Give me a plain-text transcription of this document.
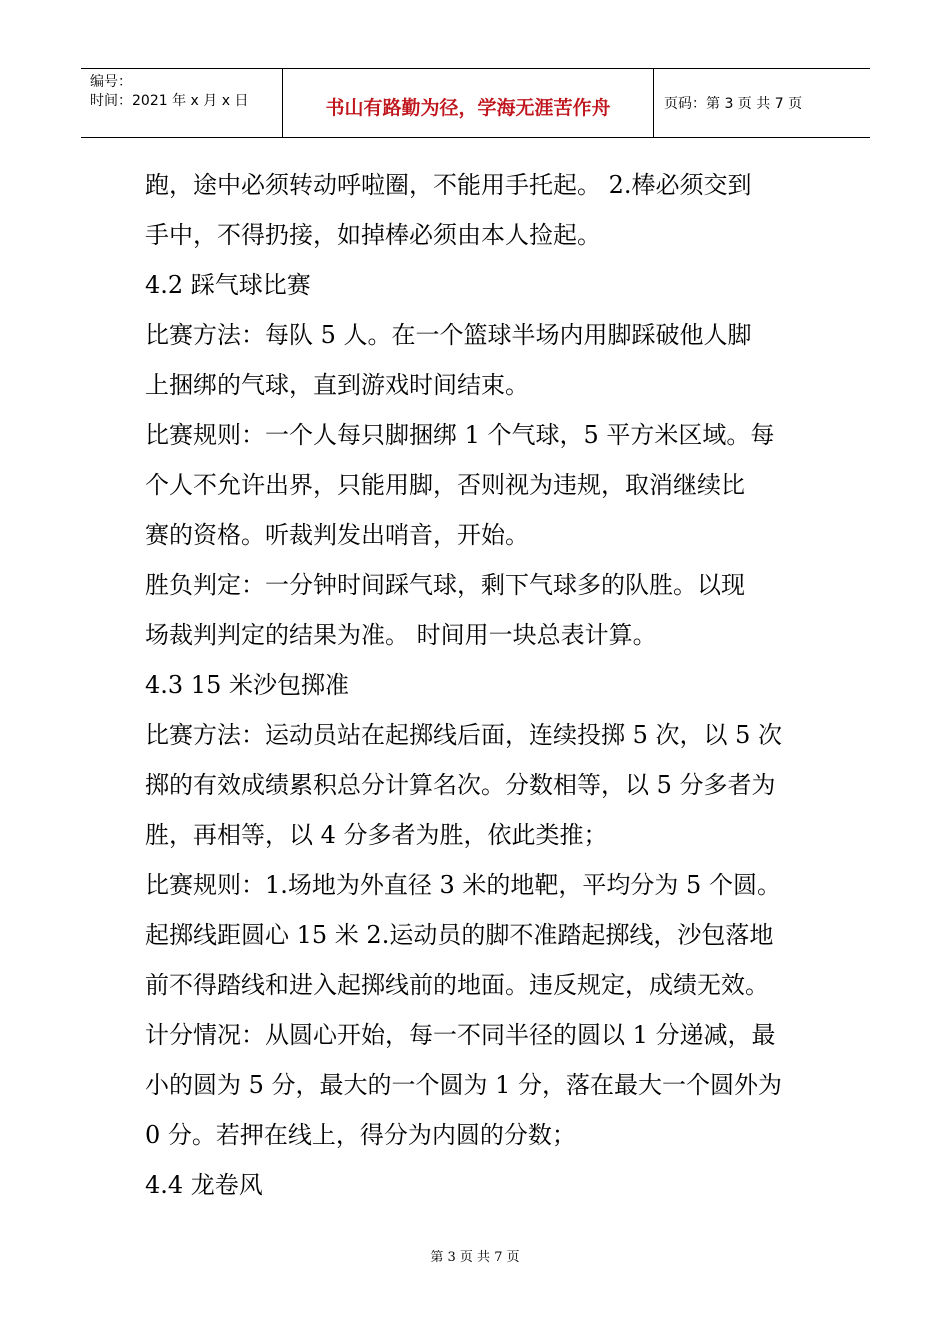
编号：
时间：2021 年 x 月 x 日	书山有路勤为径，学海无涯苦作舟	页码：第 3 页 共 7 页
跑，途中必须转动呼啦圈，不能用手托起。 2.棒必须交到
手中，不得扔接，如掉棒必须由本人捡起。
4.2 踩气球比赛
比赛方法：每队 5 人。在一个篮球半场内用脚踩破他人脚
上捆绑的气球，直到游戏时间结束。
比赛规则：一个人每只脚捆绑 1 个气球，5 平方米区域。每
个人不允许出界，只能用脚，否则视为违规，取消继续比
赛的资格。听裁判发出哨音，开始。
胜负判定：一分钟时间踩气球，剩下气球多的队胜。以现
场裁判判定的结果为准。 时间用一块总表计算。
4.3 15 米沙包掷准
比赛方法：运动员站在起掷线后面，连续投掷 5 次，以 5 次
掷的有效成绩累积总分计算名次。分数相等，以 5 分多者为
胜，再相等，以 4 分多者为胜，依此类推；
比赛规则：1.场地为外直径 3 米的地靶，平均分为 5 个圆。
起掷线距圆心 15 米 2.运动员的脚不准踏起掷线，沙包落地
前不得踏线和进入起掷线前的地面。违反规定，成绩无效。
计分情况：从圆心开始，每一不同半径的圆以 1 分递减，最
小的圆为 5 分，最大的一个圆为 1 分，落在最大一个圆外为
0 分。若押在线上，得分为内圆的分数；
4.4 龙卷风
第 3 页 共 7 页
